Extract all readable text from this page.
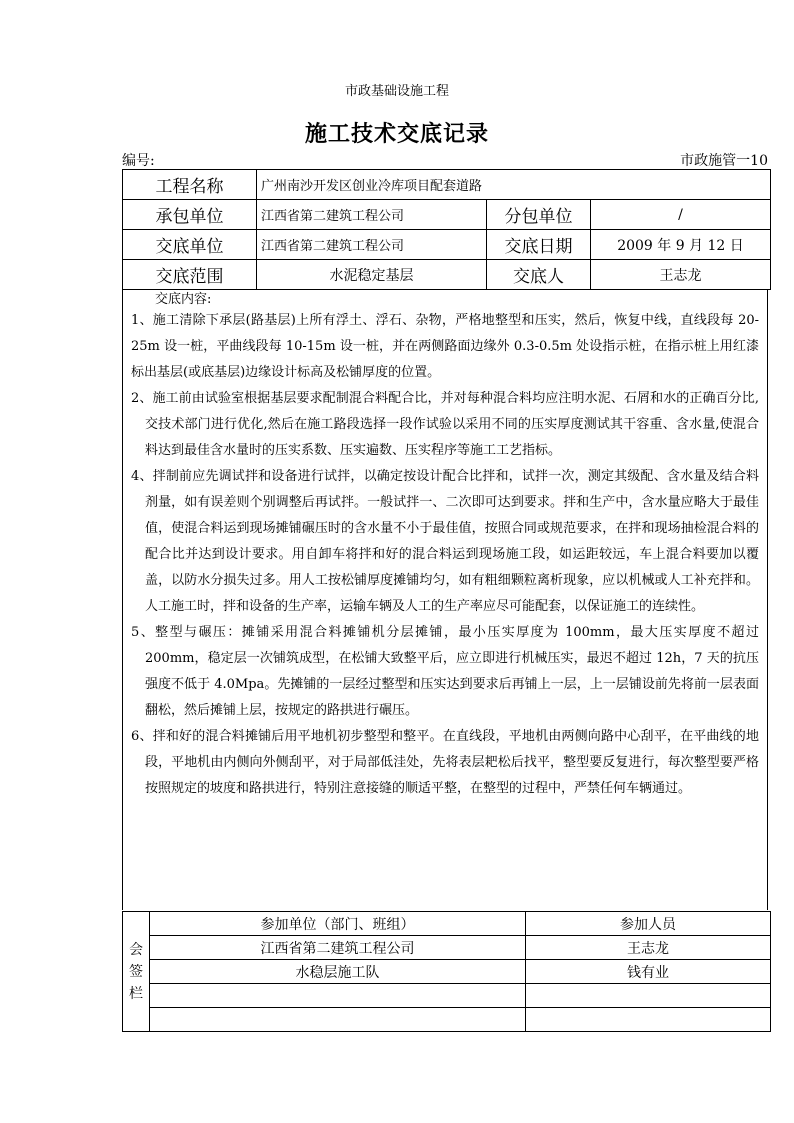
市政基础设施工程
施工技术交底记录
编号:	市政施管一10
工程名称	广州南沙开发区创业冷库项目配套道路		
承包单位	江西省第二建筑工程公司	分包单位	/
交底单位	江西省第二建筑工程公司	交底日期	2009 年 9 月 12 日
交底范围	水泥稳定基层	交底人	王志龙
交底内容:

1、施工清除下承层(路基层)上所有浮土、浮石、杂物，严格地整型和压实，然后，恢复中线，直线段每 20-25m 设一桩，平曲线段每 10-15m 设一桩，并在两侧路面边缘外 0.3-0.5m 处设指示桩，在指示桩上用红漆标出基层(或底基层)边缘设计标高及松铺厚度的位置。

2、施工前由试验室根据基层要求配制混合料配合比，并对每种混合料均应注明水泥、石屑和水的正确百分比,交技术部门进行优化,然后在施工路段选择一段作试验以采用不同的压实厚度测试其干容重、含水量,使混合料达到最佳含水量时的压实系数、压实遍数、压实程序等施工工艺指标。

4、拌制前应先调试拌和设备进行试拌，以确定按设计配合比拌和，试拌一次，测定其级配、含水量及结合料剂量，如有误差则个别调整后再试拌。一般试拌一、二次即可达到要求。拌和生产中，含水量应略大于最佳值，使混合料运到现场摊铺碾压时的含水量不小于最佳值，按照合同或规范要求，在拌和现场抽检混合料的配合比并达到设计要求。用自卸车将拌和好的混合料运到现场施工段，如运距较远，车上混合料要加以覆盖，以防水分损失过多。用人工按松铺厚度摊铺均匀，如有粗细颗粒离析现象，应以机械或人工补充拌和。人工施工时，拌和设备的生产率，运输车辆及人工的生产率应尽可能配套，以保证施工的连续性。

5、整型与碾压：摊铺采用混合料摊铺机分层摊铺，最小压实厚度为 100mm，最大压实厚度不超过 200mm，稳定层一次铺筑成型，在松铺大致整平后，应立即进行机械压实，最迟不超过 12h，7 天的抗压强度不低于 4.0Mpa。先摊铺的一层经过整型和压实达到要求后再铺上一层，上一层铺设前先将前一层表面翻松，然后摊铺上层，按规定的路拱进行碾压。

6、拌和好的混合料摊铺后用平地机初步整型和整平。在直线段，平地机由两侧向路中心刮平，在平曲线的地段，平地机由内侧向外侧刮平，对于局部低洼处，先将表层耙松后找平，整型要反复进行，每次整型要严格按照规定的坡度和路拱进行，特别注意接缝的顺适平整，在整型的过程中，严禁任何车辆通过。

会
签
栏	参加单位（部门、班组）	参加人员
	江西省第二建筑工程公司	王志龙
	水稳层施工队	钱有业
